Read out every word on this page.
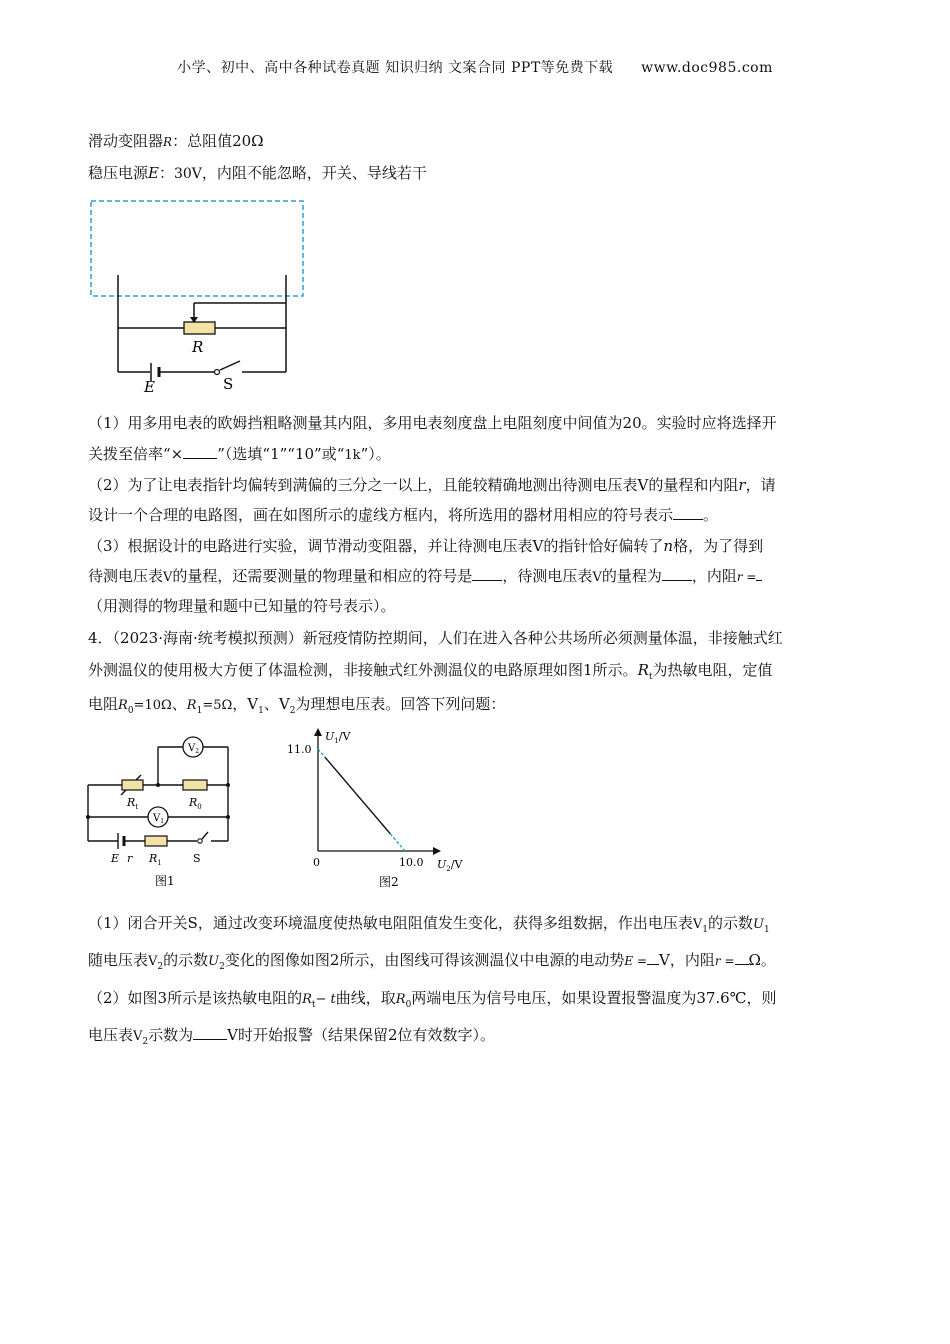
小学、初中、高中各种试卷真题 知识归纳 文案合同 PPT等免费下载 www.doc985.com
滑动变阻器R：总阻值20Ω
稳压电源E：30V，内阻不能忽略，开关、导线若干
R
E	S
（1）用多用电表的欧姆挡粗略测量其内阻，多用电表刻度盘上电阻刻度中间值为20。实验时应将选择开
关拨至倍率“× ”（选填“1”“10”或“1k”）。
（2）为了让电表指针均偏转到满偏的三分之一以上，且能较精确地测出待测电压表V的量程和内阻r，请
设计一个合理的电路图，画在如图所示的虚线方框内，将所选用的器材用相应的符号表示 。
（3）根据设计的电路进行实验，调节滑动变阻器，并让待测电压表V的指针恰好偏转了n格，为了得到
待测电压表V的量程，还需要测量的物理量和相应的符号是 ，待测电压表V的量程为 ，内阻r =
（用测得的物理量和题中已知量的符号表示）。
4．（2023·海南·统考模拟预测）新冠疫情防控期间，人们在进入各种公共场所必须测量体温，非接触式红
外测温仪的使用极大方便了体温检测，非接触式红外测温仪的电路原理如图1所示。$R_t$为热敏电阻，定值
电阻$R_0=10\Omega$、$R_1=5\Omega$，$V_1$、$V_2$为理想电压表。回答下列问题：
$V_2$
$V_1$
$R_t$	$R_0$
$R_1$
E r	S
图1
$U_1/V$
$U_2/V$
11.0
0	10.0
图2
（1）闭合开关S，通过改变环境温度使热敏电阻阻值发生变化，获得多组数据，作出电压表$V_1$的示数$U_1$
随电压表$V_2$的示数$U_2$变化的图像如图2所示，由图线可得该测温仪中电源的电动势E = V，内阻r = Ω。
（2）如图3所示是该热敏电阻的$R_t- t$曲线，取$R_0$两端电压为信号电压，如果设置报警温度为37.6℃，则
电压表$V_2$示数为 V时开始报警（结果保留2位有效数字）。
